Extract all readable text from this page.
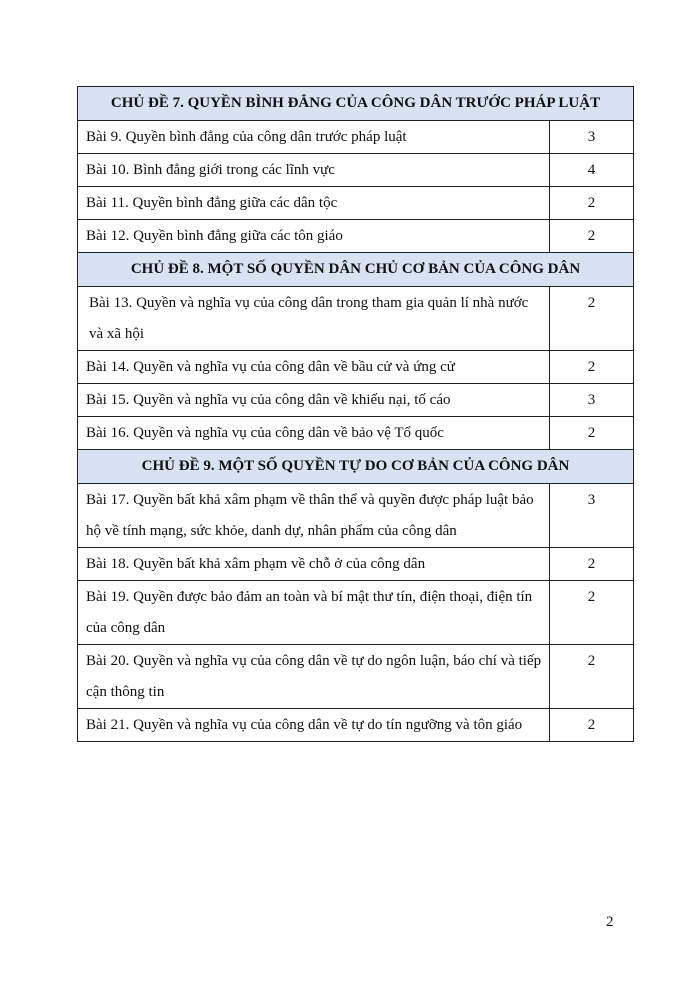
CHỦ ĐỀ 7. QUYỀN BÌNH ĐẲNG CỦA CÔNG DÂN TRƯỚC PHÁP LUẬT	
Bài 9. Quyền bình đẳng của công dân trước pháp luật	3
Bài 10. Bình đẳng giới trong các lĩnh vực	4
Bài 11. Quyền bình đẳng giữa các dân tộc	2
Bài 12. Quyền bình đẳng giữa các tôn giáo	2
CHỦ ĐỀ 8. MỘT SỐ QUYỀN DÂN CHỦ CƠ BẢN CỦA CÔNG DÂN	
Bài 13. Quyền và nghĩa vụ của công dân trong tham gia quản lí nhà nước và xã hội	2
Bài 14. Quyền và nghĩa vụ của công dân về bầu cử và ứng cử	2
Bài 15. Quyền và nghĩa vụ của công dân về khiếu nại, tố cáo	3
Bài 16. Quyền và nghĩa vụ của công dân về bảo vệ Tổ quốc	2
CHỦ ĐỀ 9. MỘT SỐ QUYỀN TỰ DO CƠ BẢN CỦA CÔNG DÂN	
Bài 17. Quyền bất khả xâm phạm về thân thể và quyền được pháp luật bảo hộ về tính mạng, sức khỏe, danh dự, nhân phẩm của công dân	3
Bài 18. Quyền bất khả xâm phạm về chỗ ở của công dân	2
Bài 19. Quyền được bảo đảm an toàn và bí mật thư tín, điện thoại, điện tín của công dân	2
Bài 20. Quyền và nghĩa vụ của công dân về tự do ngôn luận, báo chí và tiếp cận thông tin	2
Bài 21. Quyền và nghĩa vụ của công dân về tự do tín ngưỡng và tôn giáo	2
2
